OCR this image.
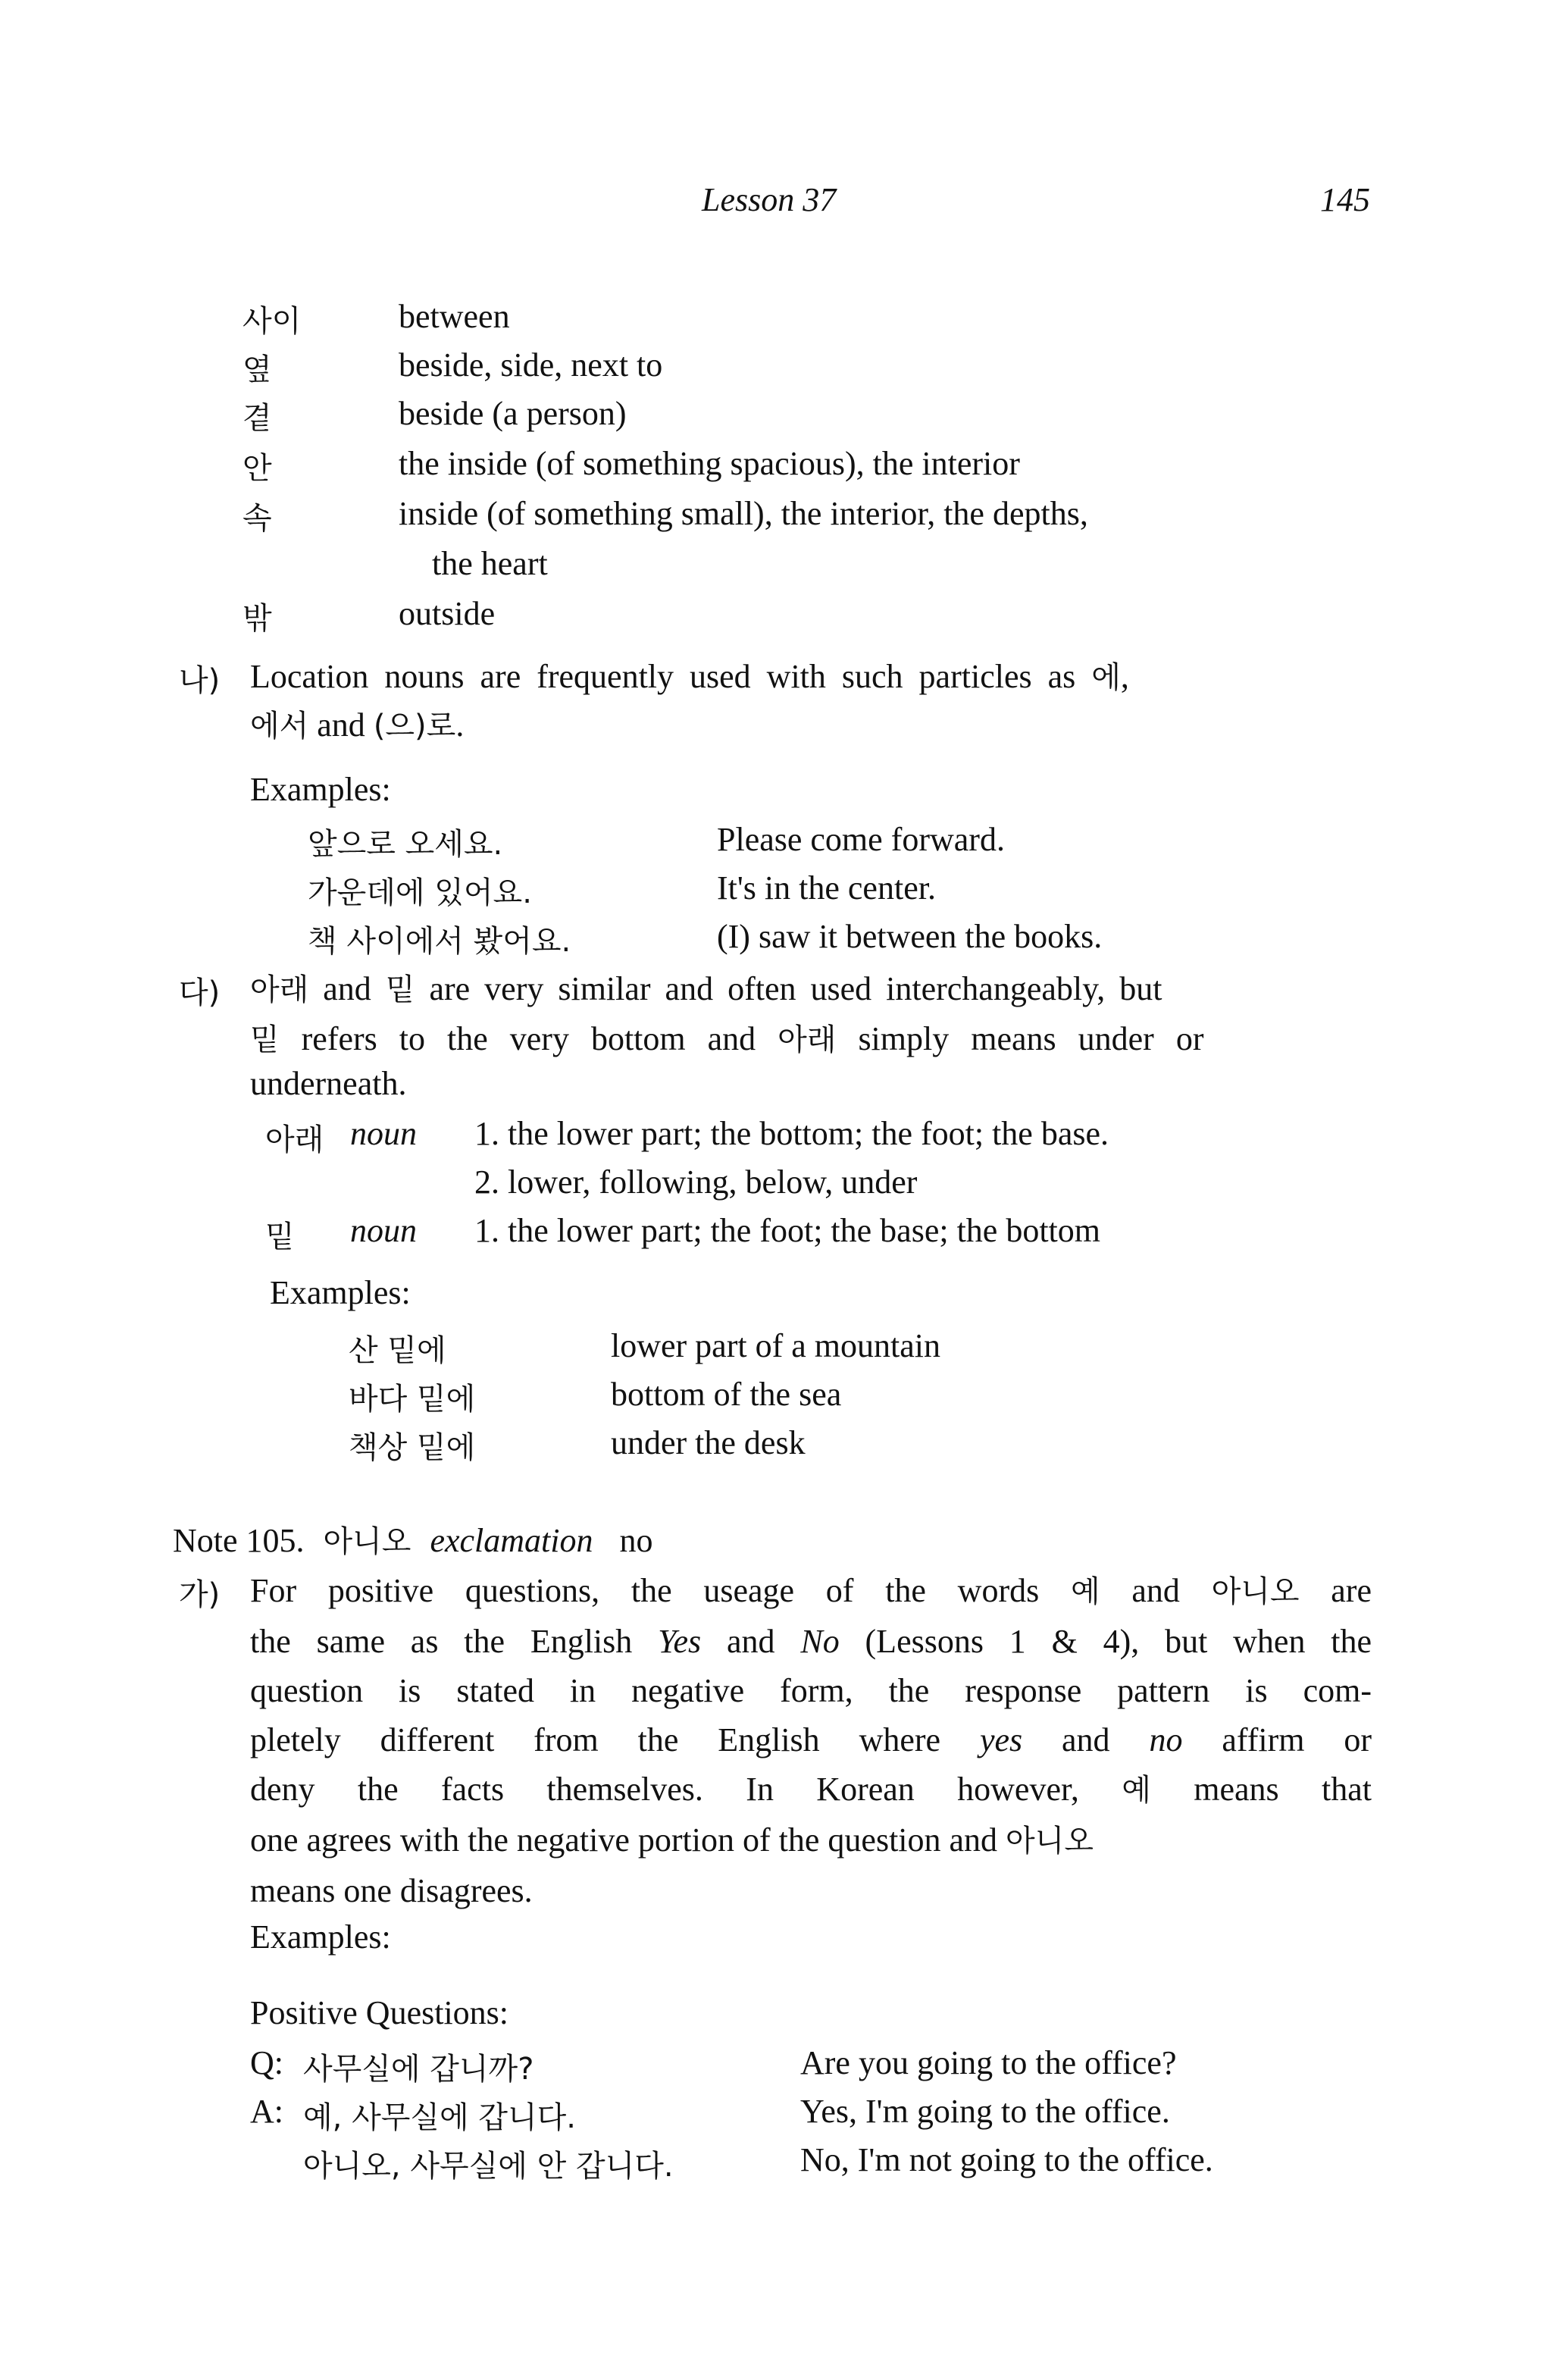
Lesson 37	145
사이	between
옆	beside, side, next to
곁	beside (a person)
안	the inside (of something spacious), the interior
속	inside (of something small), the interior, the depths,
the heart
밖	outside
나) Location nouns are frequently used with such particles as 에,
에서 and (으)로.
Examples:
앞으로 오세요.	Please come forward.
가운데에 있어요.	It's in the center.
책 사이에서 봤어요.	(I) saw it between the books.
다) 아래 and 밑 are very similar and often used interchangeably, but
밑 refers to the very bottom and 아래 simply means under or
underneath.
아래 noun 1. the lower part; the bottom; the foot; the base.
2. lower, following, below, under
밑 noun 1. the lower part; the foot; the base; the bottom
Examples:
산 밑에	lower part of a mountain
바다 밑에	bottom of the sea
책상 밑에	under the desk
Note 105. 아니오 exclamation no
가) For positive questions, the useage of the words 예 and 아니오 are
the same as the English Yes and No (Lessons 1 & 4), but when the
question is stated in negative form, the response pattern is com-
pletely different from the English where yes and no affirm or
deny the facts themselves. In Korean however, 예 means that
one agrees with the negative portion of the question and 아니오
means one disagrees.
Examples:
Positive Questions:
Q: 사무실에 갑니까?	Are you going to the office?
A: 예, 사무실에 갑니다.	Yes, I'm going to the office.
아니오, 사무실에 안 갑니다.	No, I'm not going to the office.
